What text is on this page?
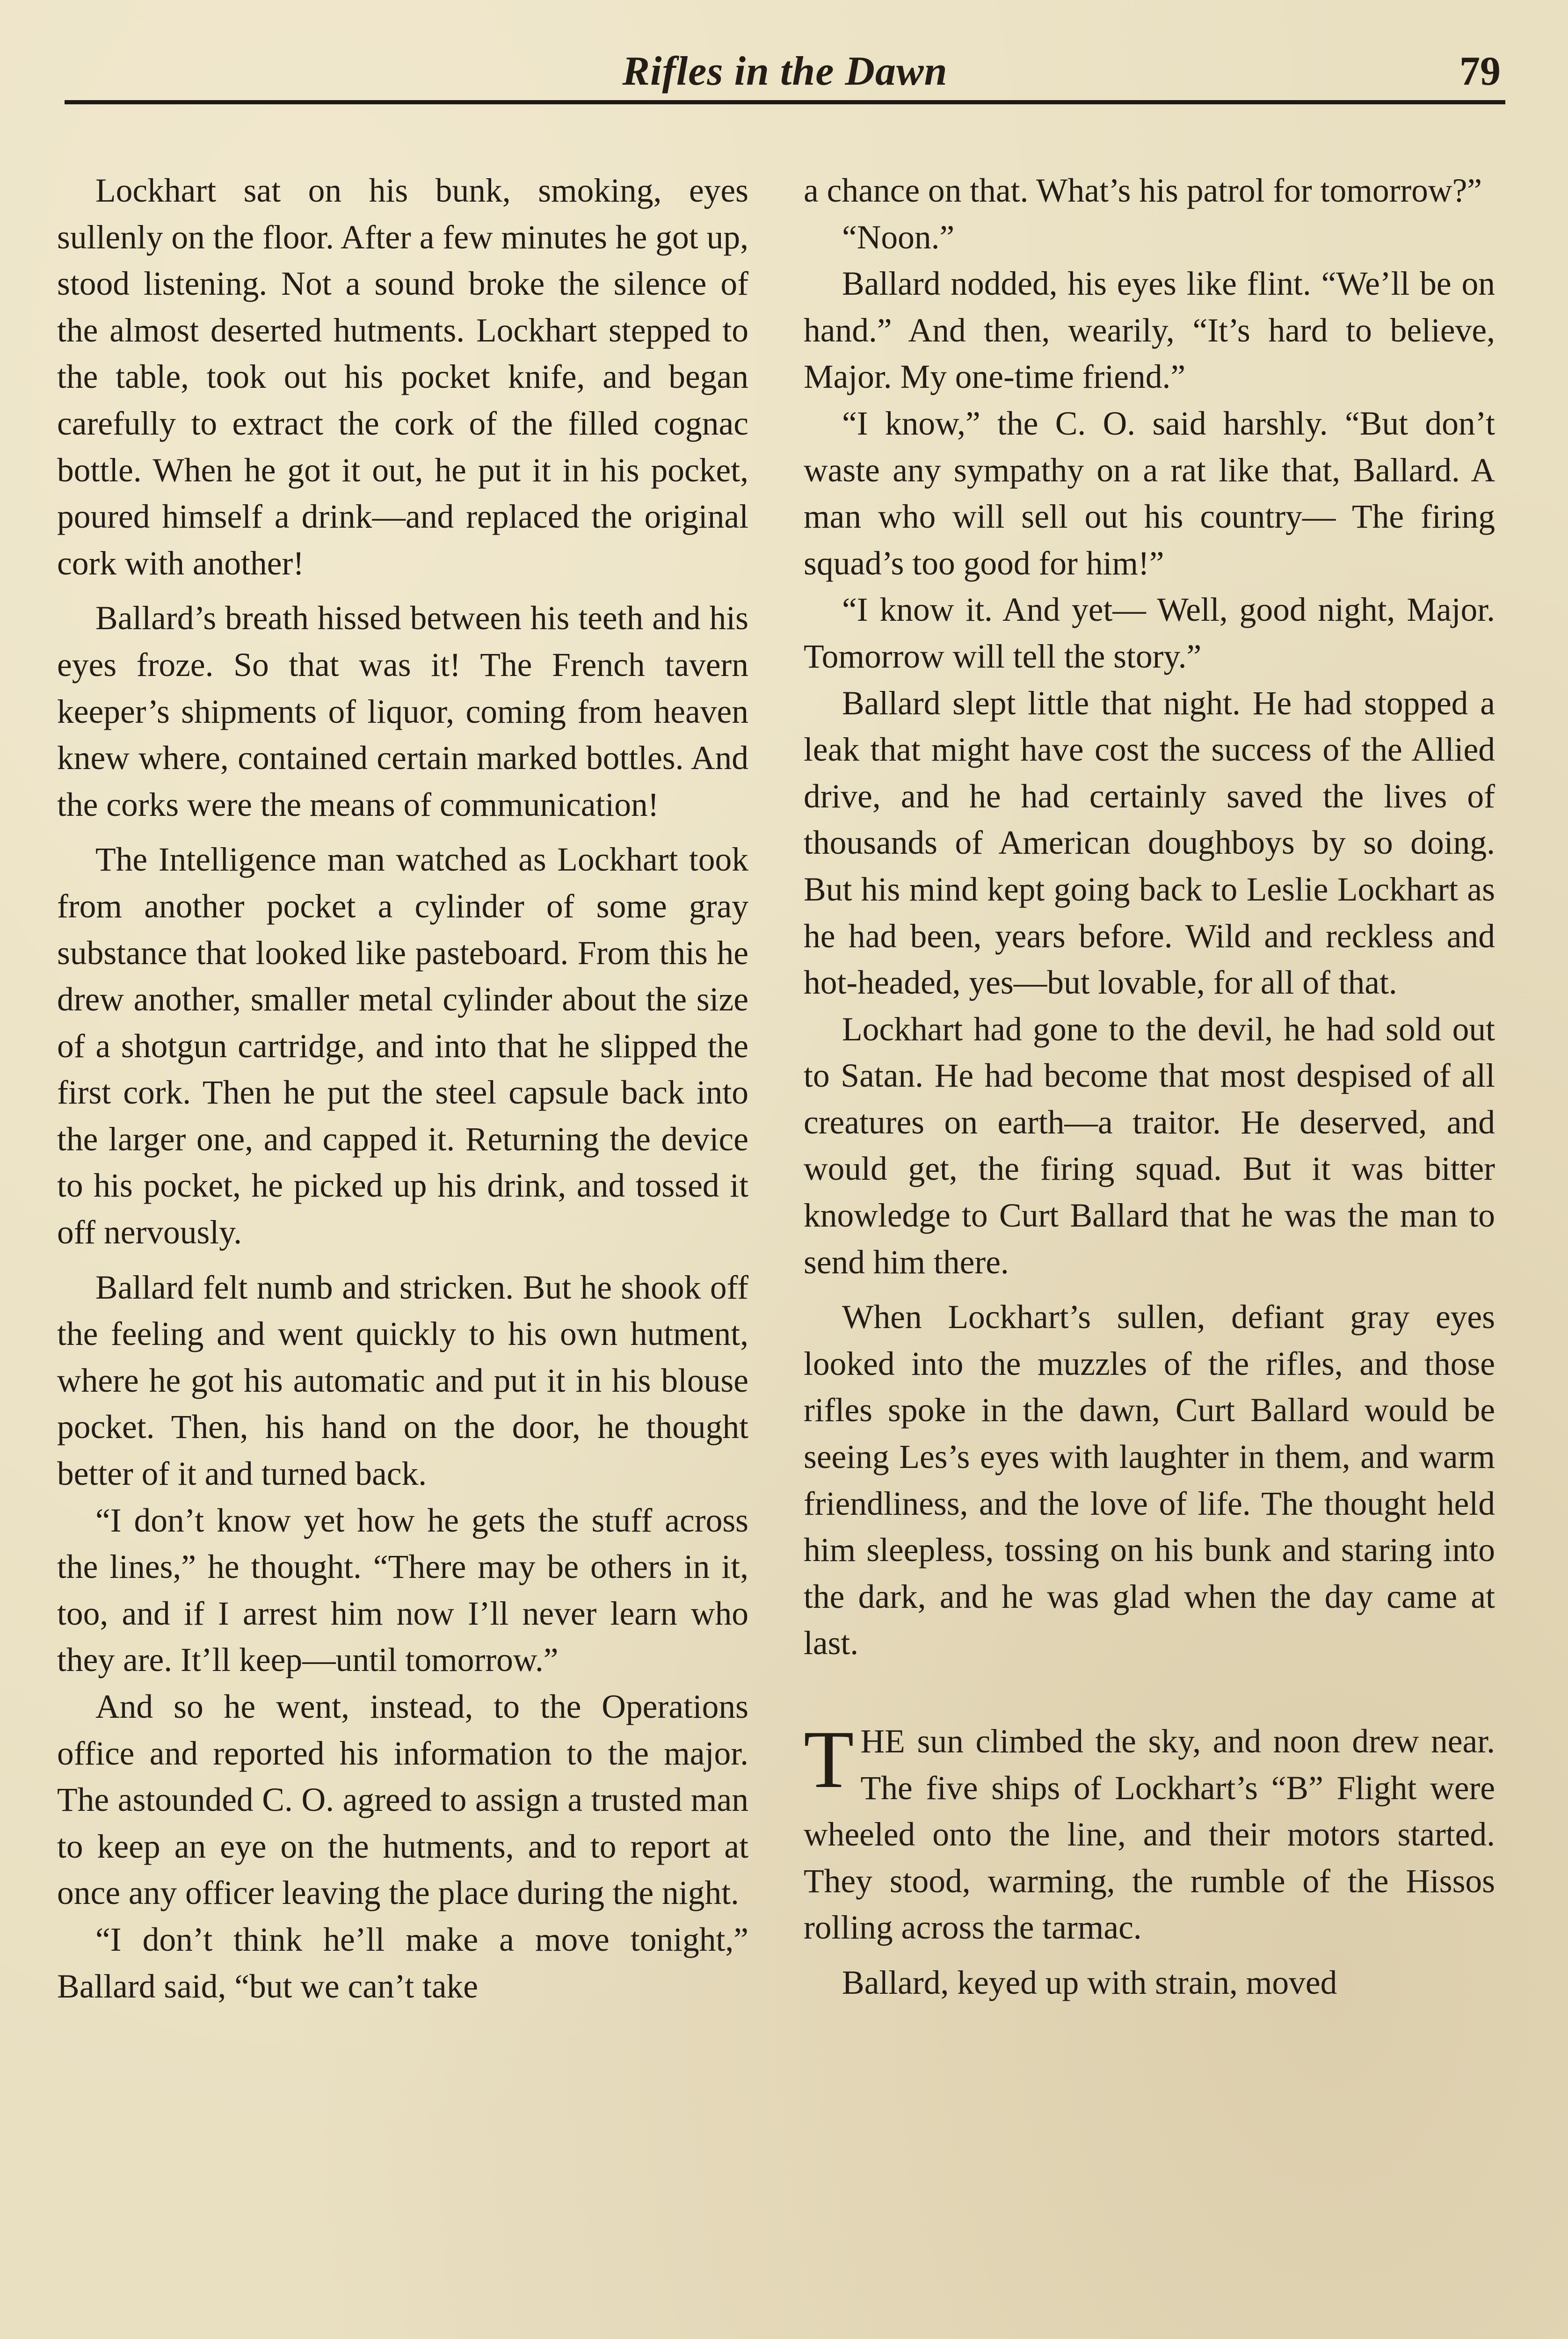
Rifles in the Dawn	79

Lockhart sat on his bunk, smoking, eyes sullenly on the floor. After a few minutes he got up, stood listening. Not a sound broke the silence of the almost deserted hutments. Lockhart stepped to the table, took out his pocket knife, and began carefully to extract the cork of the filled cognac bottle. When he got it out, he put it in his pocket, poured himself a drink—and replaced the original cork with another!

Ballard’s breath hissed between his teeth and his eyes froze. So that was it! The French tavern keeper’s shipments of liquor, coming from heaven knew where, contained certain marked bottles. And the corks were the means of communication!

The Intelligence man watched as Lockhart took from another pocket a cylinder of some gray substance that looked like pasteboard. From this he drew another, smaller metal cylinder about the size of a shotgun cartridge, and into that he slipped the first cork. Then he put the steel capsule back into the larger one, and capped it. Returning the device to his pocket, he picked up his drink, and tossed it off nervously.

Ballard felt numb and stricken. But he shook off the feeling and went quickly to his own hutment, where he got his automatic and put it in his blouse pocket. Then, his hand on the door, he thought better of it and turned back.

“I don’t know yet how he gets the stuff across the lines,” he thought. “There may be others in it, too, and if I arrest him now I’ll never learn who they are. It’ll keep—until tomorrow.”

And so he went, instead, to the Operations office and reported his information to the major. The astounded C. O. agreed to assign a trusted man to keep an eye on the hutments, and to report at once any officer leaving the place during the night.

“I don’t think he’ll make a move tonight,” Ballard said, “but we can’t take

a chance on that. What’s his patrol for tomorrow?”

“Noon.”

Ballard nodded, his eyes like flint. “We’ll be on hand.” And then, wearily, “It’s hard to believe, Major. My one-time friend.”

“I know,” the C. O. said harshly. “But don’t waste any sympathy on a rat like that, Ballard. A man who will sell out his country— The firing squad’s too good for him!”

“I know it. And yet— Well, good night, Major. Tomorrow will tell the story.”

Ballard slept little that night. He had stopped a leak that might have cost the success of the Allied drive, and he had certainly saved the lives of thousands of American doughboys by so doing. But his mind kept going back to Leslie Lockhart as he had been, years before. Wild and reckless and hot-headed, yes—but lovable, for all of that.

Lockhart had gone to the devil, he had sold out to Satan. He had become that most despised of all creatures on earth—a traitor. He deserved, and would get, the firing squad. But it was bitter knowledge to Curt Ballard that he was the man to send him there.

When Lockhart’s sullen, defiant gray eyes looked into the muzzles of the rifles, and those rifles spoke in the dawn, Curt Ballard would be seeing Les’s eyes with laughter in them, and warm friendliness, and the love of life. The thought held him sleepless, tossing on his bunk and staring into the dark, and he was glad when the day came at last.

THE sun climbed the sky, and noon drew near. The five ships of Lockhart’s “B” Flight were wheeled onto the line, and their motors started. They stood, warming, the rumble of the Hissos rolling across the tarmac.

Ballard, keyed up with strain, moved
